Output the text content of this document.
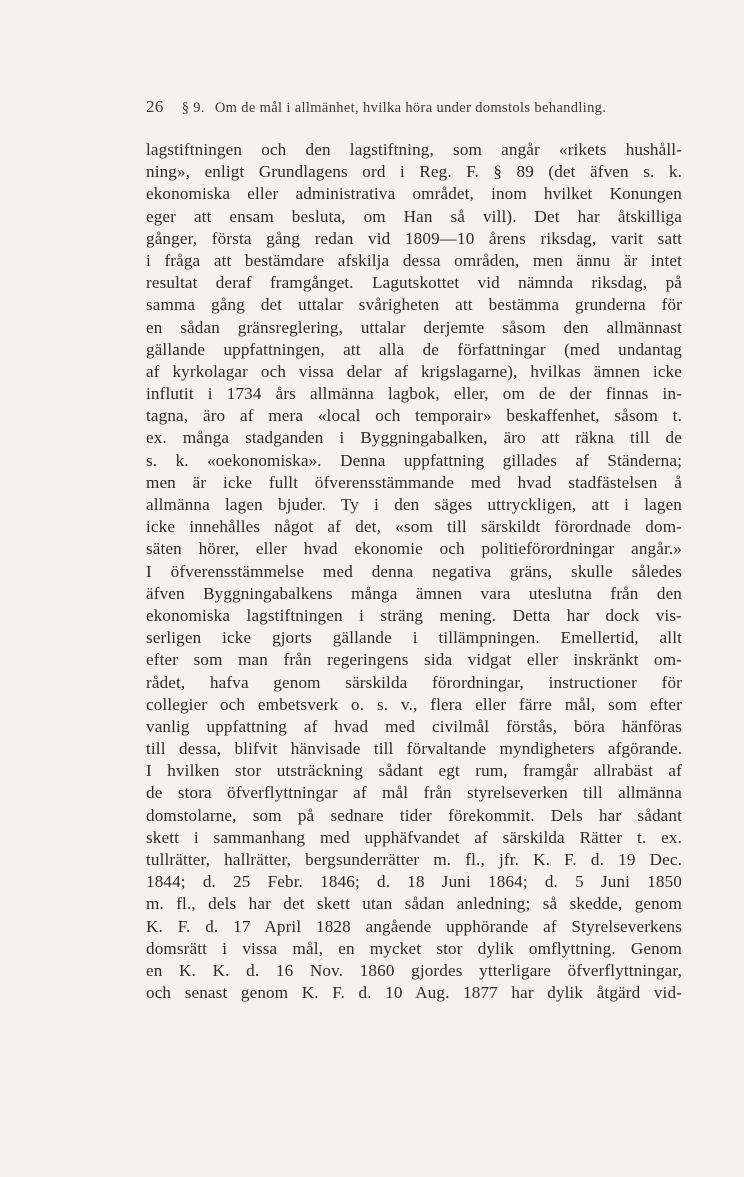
26 § 9. Om de mål i allmänhet, hvilka höra under domstols behandling.
lagstiftningen och den lagstiftning, som angår «rikets hushåll-
ning», enligt Grundlagens ord i Reg. F. § 89 (det äfven s. k.
ekonomiska eller administrativa området, inom hvilket Konungen
eger att ensam besluta, om Han så vill). Det har åtskilliga
gånger, första gång redan vid 1809—10 årens riksdag, varit satt
i fråga att bestämdare afskilja dessa områden, men ännu är intet
resultat deraf framgånget. Lagutskottet vid nämnda riksdag, på
samma gång det uttalar svårigheten att bestämma grunderna för
en sådan gränsreglering, uttalar derjemte såsom den allmännast
gällande uppfattningen, att alla de författningar (med undantag
af kyrkolagar och vissa delar af krigslagarne), hvilkas ämnen icke
influtit i 1734 års allmänna lagbok, eller, om de der finnas in-
tagna, äro af mera «local och temporair» beskaffenhet, såsom t.
ex. många stadganden i Byggningabalken, äro att räkna till de
s. k. «oekonomiska». Denna uppfattning gillades af Ständerna;
men är icke fullt öfverensstämmande med hvad stadfästelsen å
allmänna lagen bjuder. Ty i den säges uttryckligen, att i lagen
icke innehålles något af det, «som till särskildt förordnade dom-
säten hörer, eller hvad ekonomie och politieförordningar angår.»
I öfverensstämmelse med denna negativa gräns, skulle således
äfven Byggningabalkens många ämnen vara uteslutna från den
ekonomiska lagstiftningen i sträng mening. Detta har dock vis-
serligen icke gjorts gällande i tillämpningen. Emellertid, allt
efter som man från regeringens sida vidgat eller inskränkt om-
rådet, hafva genom särskilda förordningar, instructioner för
collegier och embetsverk o. s. v., flera eller färre mål, som efter
vanlig uppfattning af hvad med civilmål förstås, böra hänföras
till dessa, blifvit hänvisade till förvaltande myndigheters afgörande.
I hvilken stor utsträckning sådant egt rum, framgår allrabäst af
de stora öfverflyttningar af mål från styrelseverken till allmänna
domstolarne, som på sednare tider förekommit. Dels har sådant
skett i sammanhang med upphäfvandet af särskilda Rätter t. ex.
tullrätter, hallrätter, bergsunderrätter m. fl., jfr. K. F. d. 19 Dec.
1844; d. 25 Febr. 1846; d. 18 Juni 1864; d. 5 Juni 1850
m. fl., dels har det skett utan sådan anledning; så skedde, genom
K. F. d. 17 April 1828 angående upphörande af Styrelseverkens
domsrätt i vissa mål, en mycket stor dylik omflyttning. Genom
en K. K. d. 16 Nov. 1860 gjordes ytterligare öfverflyttningar,
och senast genom K. F. d. 10 Aug. 1877 har dylik åtgärd vid-
